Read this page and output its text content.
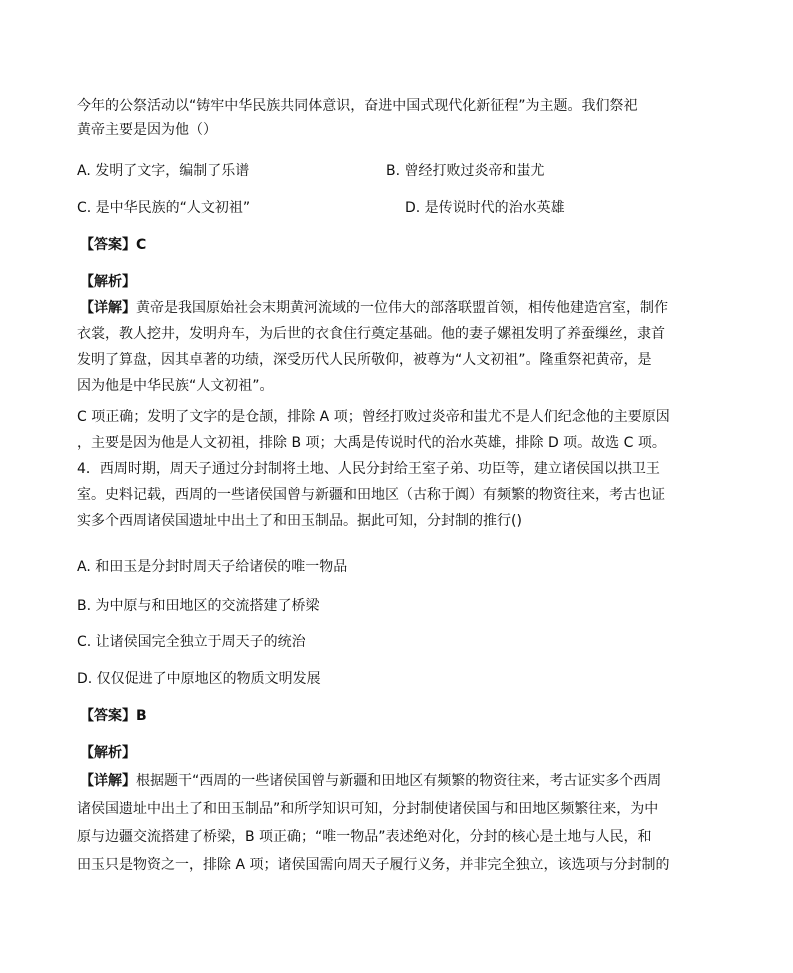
今年的公祭活动以“铸牢中华民族共同体意识，奋进中国式现代化新征程”为主题。我们祭祀
黄帝主要是因为他（）
A. 发明了文字，编制了乐谱	B. 曾经打败过炎帝和蚩尤
C. 是中华民族的“人文初祖”	D. 是传说时代的治水英雄
【答案】C
【解析】
【详解】黄帝是我国原始社会末期黄河流域的一位伟大的部落联盟首领，相传他建造宫室，制作
衣裳，教人挖井，发明舟车，为后世的衣食住行奠定基础。他的妻子嫘祖发明了养蚕缫丝，隶首
发明了算盘，因其卓著的功绩，深受历代人民所敬仰，被尊为“人文初祖”。隆重祭祀黄帝，是
因为他是中华民族“人文初祖”。
C 项正确；发明了文字的是仓颉，排除 A 项；曾经打败过炎帝和蚩尤不是人们纪念他的主要原因
，主要是因为他是人文初祖，排除 B 项；大禹是传说时代的治水英雄，排除 D 项。故选 C 项。
4．西周时期，周天子通过分封制将土地、人民分封给王室子弟、功臣等，建立诸侯国以拱卫王
室。史料记载，西周的一些诸侯国曾与新疆和田地区（古称于阗）有频繁的物资往来，考古也证
实多个西周诸侯国遗址中出土了和田玉制品。据此可知，分封制的推行()
A. 和田玉是分封时周天子给诸侯的唯一物品
B. 为中原与和田地区的交流搭建了桥梁
C. 让诸侯国完全独立于周天子的统治
D. 仅仅促进了中原地区的物质文明发展
【答案】B
【解析】
【详解】根据题干“西周的一些诸侯国曾与新疆和田地区有频繁的物资往来，考古证实多个西周
诸侯国遗址中出土了和田玉制品”和所学知识可知，分封制使诸侯国与和田地区频繁往来，为中
原与边疆交流搭建了桥梁，B 项正确；“唯一物品”表述绝对化，分封的核心是土地与人民，和
田玉只是物资之一，排除 A 项；诸侯国需向周天子履行义务，并非完全独立，该选项与分封制的
